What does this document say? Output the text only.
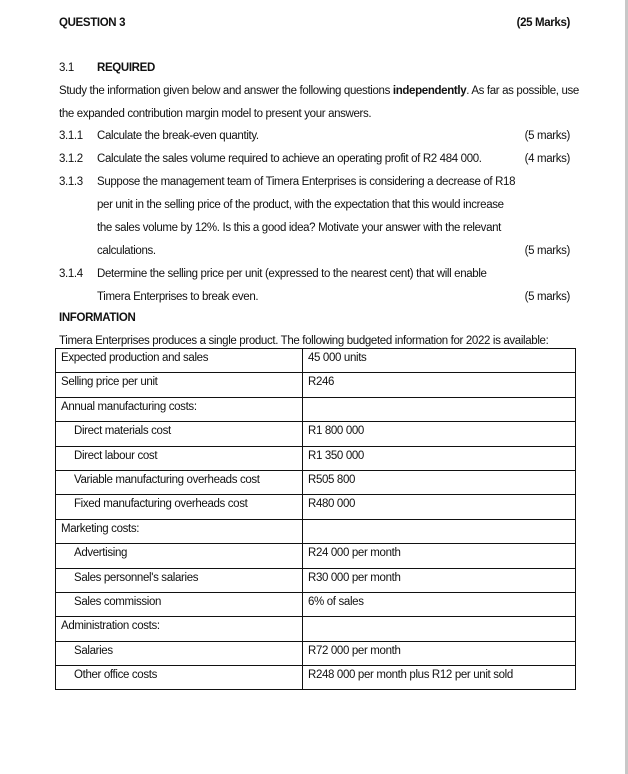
QUESTION 3	(25 Marks)
3.1 REQUIRED
Study the information given below and answer the following questions independently. As far as possible, use
the expanded contribution margin model to present your answers.
3.1.1 Calculate the break-even quantity.	(5 marks)
3.1.2 Calculate the sales volume required to achieve an operating profit of R2 484 000.	(4 marks)
3.1.3 Suppose the management team of Timera Enterprises is considering a decrease of R18
per unit in the selling price of the product, with the expectation that this would increase
the sales volume by 12%. Is this a good idea? Motivate your answer with the relevant
calculations.	(5 marks)
3.1.4 Determine the selling price per unit (expressed to the nearest cent) that will enable
Timera Enterprises to break even.	(5 marks)
INFORMATION
Timera Enterprises produces a single product. The following budgeted information for 2022 is available:
Expected production and sales	45 000 units
Selling price per unit	R246
Annual manufacturing costs:	
Direct materials cost	R1 800 000
Direct labour cost	R1 350 000
Variable manufacturing overheads cost	R505 800
Fixed manufacturing overheads cost	R480 000
Marketing costs:	
Advertising	R24 000 per month
Sales personnel's salaries	R30 000 per month
Sales commission	6% of sales
Administration costs:	
Salaries	R72 000 per month
Other office costs	R248 000 per month plus R12 per unit sold
